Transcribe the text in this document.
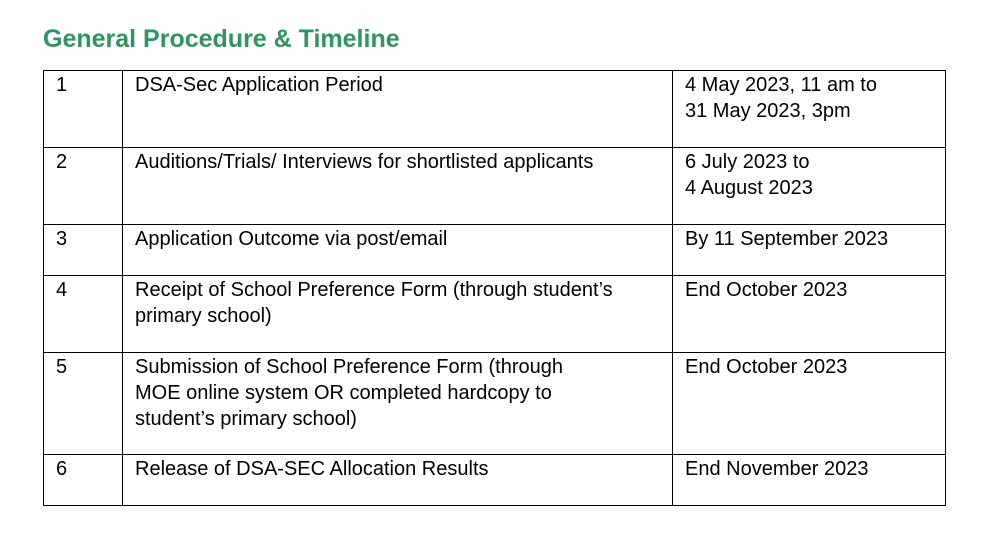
General Procedure & Timeline
1	DSA-Sec Application Period	4 May 2023, 11 am to
31 May 2023, 3pm

2	Auditions/Trials/ Interviews for shortlisted applicants	6 July 2023 to
4 August 2023

3	Application Outcome via post/email	By 11 September 2023

4	Receipt of School Preference Form (through student’s
primary school)	End October 2023

5	Submission of School Preference Form (through
MOE online system OR completed hardcopy to
student’s primary school)	End October 2023

6	Release of DSA-SEC Allocation Results	End November 2023
